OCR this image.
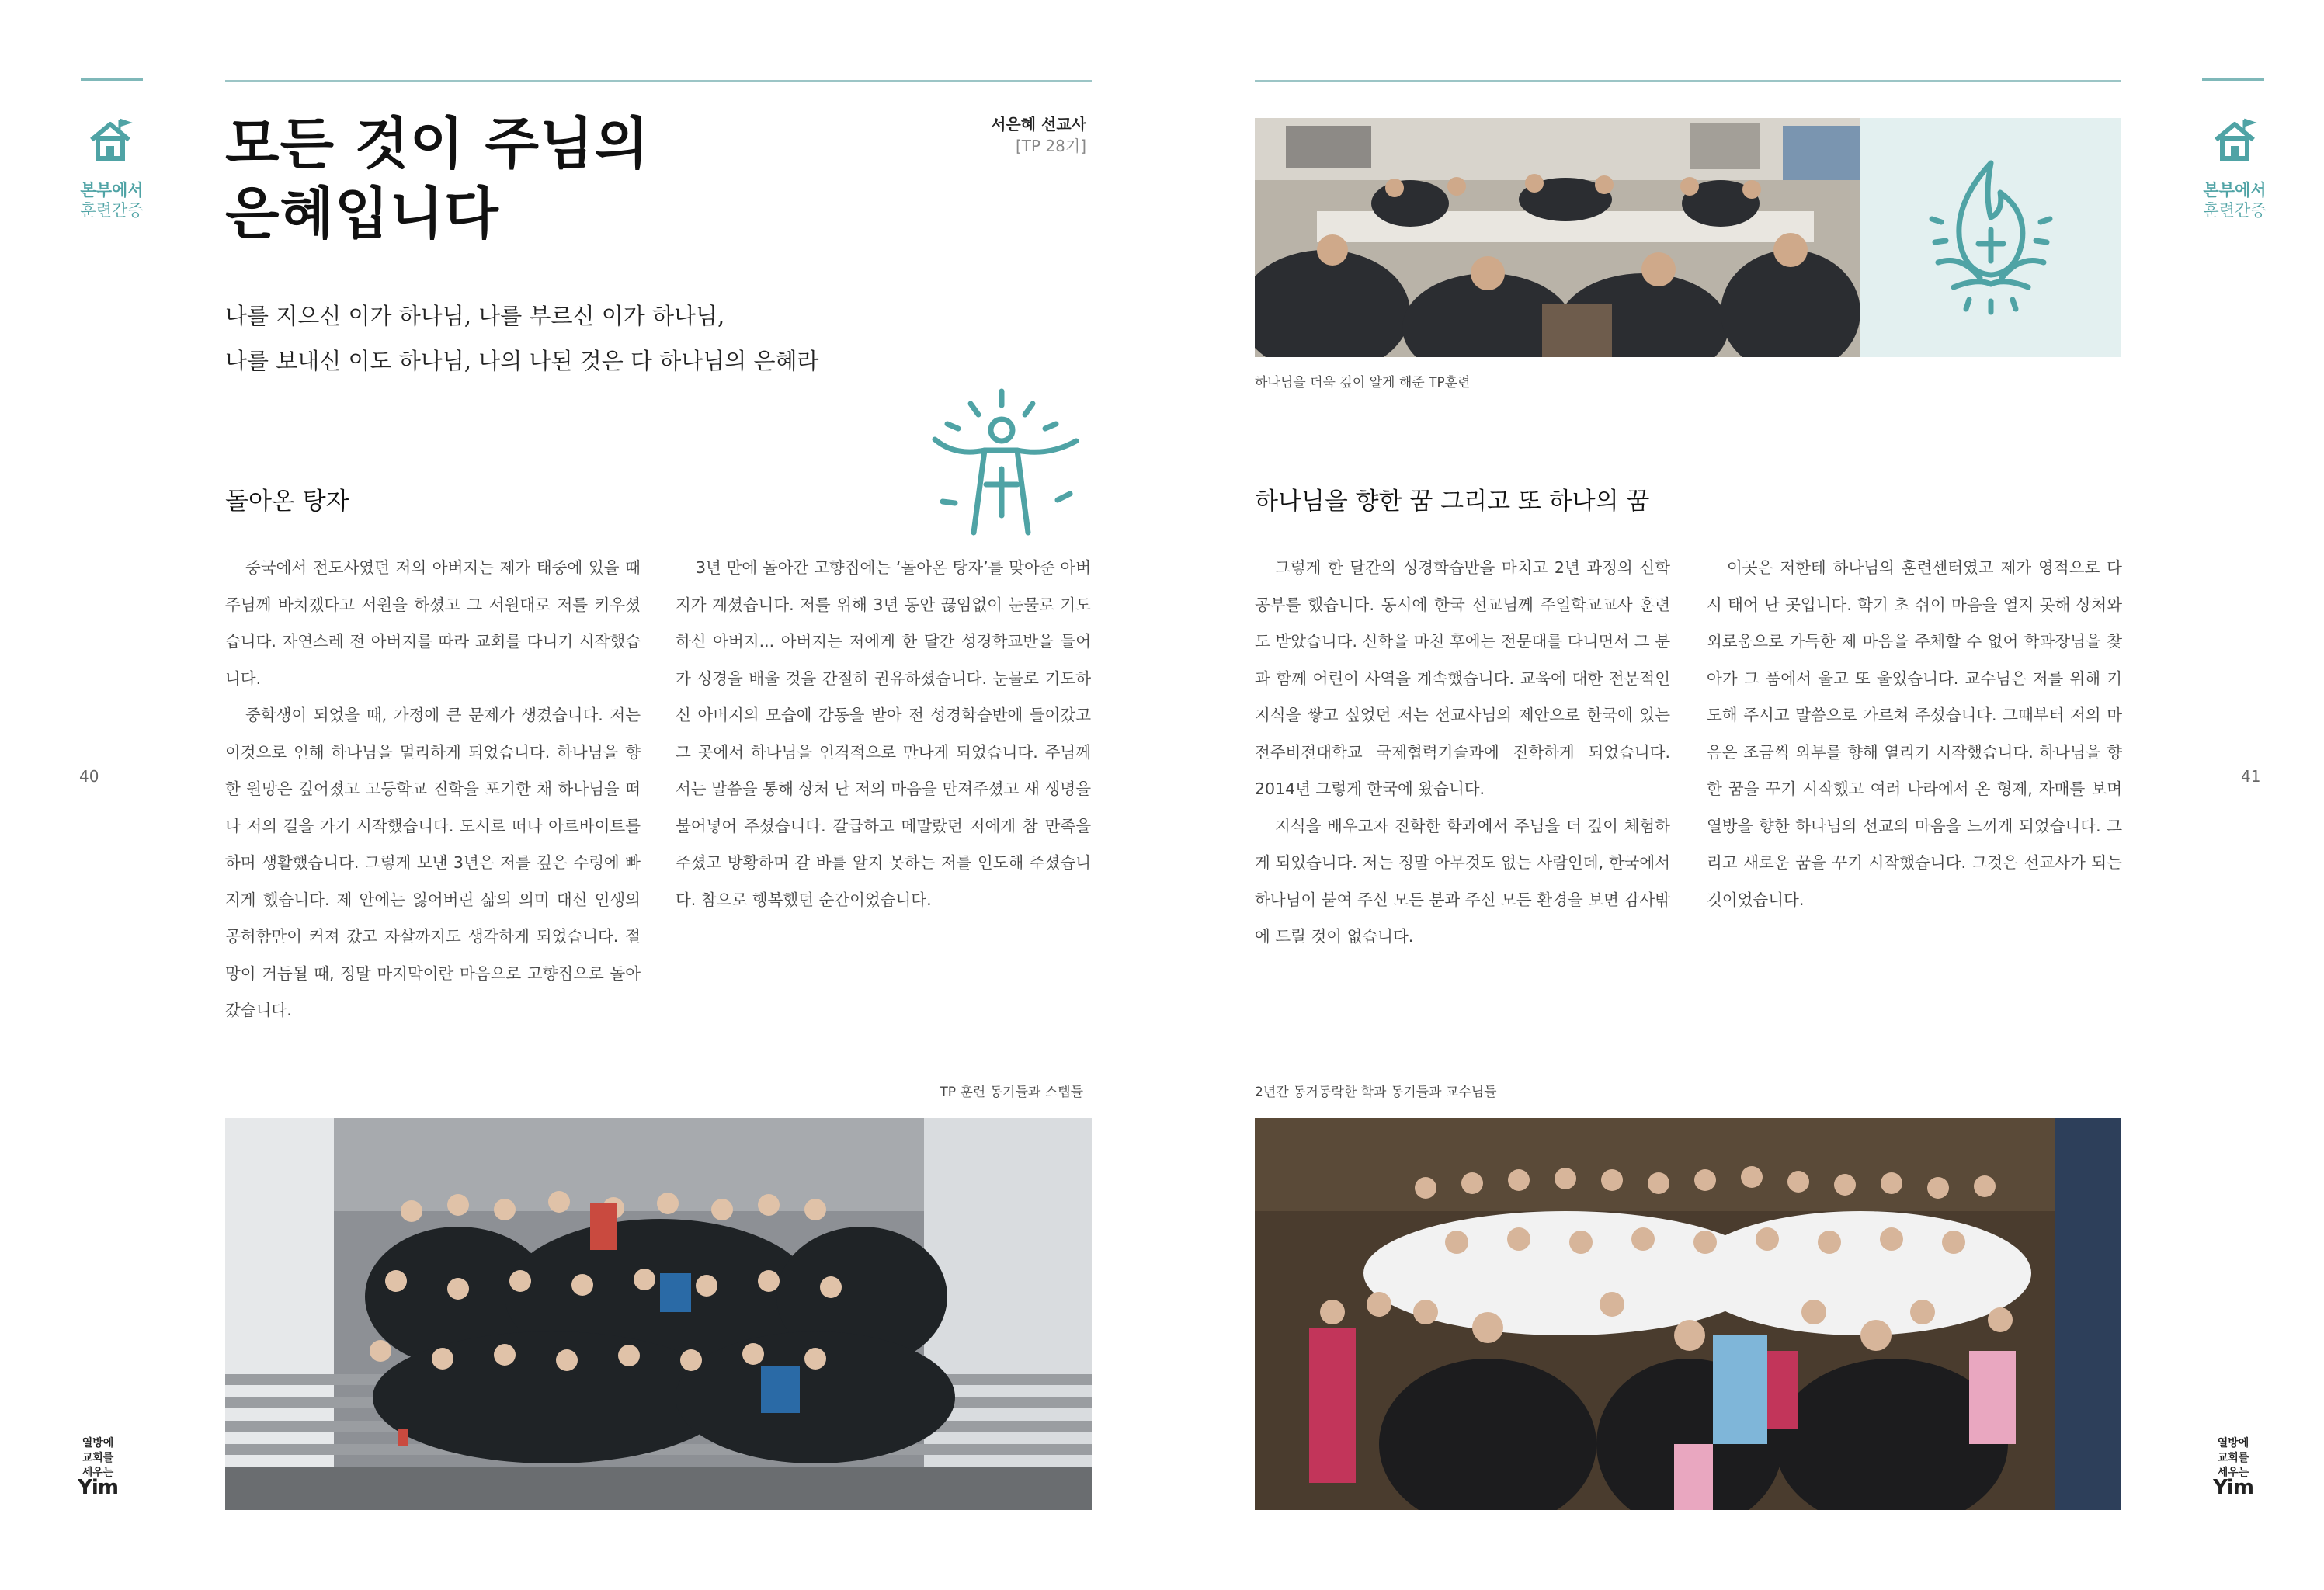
본부에서
훈련간증
모든 것이 주님의
은혜입니다
서은혜 선교사
[TP 28기]
나를 지으신 이가 하나님, 나를 부르신 이가 하나님,
나를 보내신 이도 하나님, 나의 나된 것은 다 하나님의 은혜라
돌아온 탕자

중국에서 전도사였던 저의 아버지는 제가 태중에 있을 때 주님께 바치겠다고 서원을 하셨고 그 서원대로 저를 키우셨습니다. 자연스레 전 아버지를 따라 교회를 다니기 시작했습니다.

중학생이 되었을 때, 가정에 큰 문제가 생겼습니다. 저는 이것으로 인해 하나님을 멀리하게 되었습니다. 하나님을 향한 원망은 깊어졌고 고등학교 진학을 포기한 채 하나님을 떠나 저의 길을 가기 시작했습니다. 도시로 떠나 아르바이트를 하며 생활했습니다. 그렇게 보낸 3년은 저를 깊은 수렁에 빠지게 했습니다. 제 안에는 잃어버린 삶의 의미 대신 인생의 공허함만이 커져 갔고 자살까지도 생각하게 되었습니다. 절망이 거듭될 때, 정말 마지막이란 마음으로 고향집으로 돌아갔습니다.

3년 만에 돌아간 고향집에는 ‘돌아온 탕자’를 맞아준 아버지가 계셨습니다. 저를 위해 3년 동안 끊임없이 눈물로 기도하신 아버지... 아버지는 저에게 한 달간 성경학교반을 들어가 성경을 배울 것을 간절히 권유하셨습니다. 눈물로 기도하신 아버지의 모습에 감동을 받아 전 성경학습반에 들어갔고 그 곳에서 하나님을 인격적으로 만나게 되었습니다. 주님께서는 말씀을 통해 상처 난 저의 마음을 만져주셨고 새 생명을 불어넣어 주셨습니다. 갈급하고 메말랐던 저에게 참 만족을 주셨고 방황하며 갈 바를 알지 못하는 저를 인도해 주셨습니다. 참으로 행복했던 순간이었습니다.

40
TP 훈련 동기들과 스텝들
열방에
교회를
세우는
Yim
본부에서
훈련간증
하나님을 더욱 깊이 알게 해준 TP훈련
하나님을 향한 꿈 그리고 또 하나의 꿈

그렇게 한 달간의 성경학습반을 마치고 2년 과정의 신학공부를 했습니다. 동시에 한국 선교님께 주일학교교사 훈련도 받았습니다. 신학을 마친 후에는 전문대를 다니면서 그 분과 함께 어린이 사역을 계속했습니다. 교육에 대한 전문적인 지식을 쌓고 싶었던 저는 선교사님의 제안으로 한국에 있는 전주비전대학교 국제협력기술과에 진학하게 되었습니다. 2014년 그렇게 한국에 왔습니다.

지식을 배우고자 진학한 학과에서 주님을 더 깊이 체험하게 되었습니다. 저는 정말 아무것도 없는 사람인데, 한국에서 하나님이 붙여 주신 모든 분과 주신 모든 환경을 보면 감사밖에 드릴 것이 없습니다.

이곳은 저한테 하나님의 훈련센터였고 제가 영적으로 다시 태어 난 곳입니다. 학기 초 쉬이 마음을 열지 못해 상처와 외로움으로 가득한 제 마음을 주체할 수 없어 학과장님을 찾아가 그 품에서 울고 또 울었습니다. 교수님은 저를 위해 기도해 주시고 말씀으로 가르쳐 주셨습니다. 그때부터 저의 마음은 조금씩 외부를 향해 열리기 시작했습니다. 하나님을 향한 꿈을 꾸기 시작했고 여러 나라에서 온 형제, 자매를 보며 열방을 향한 하나님의 선교의 마음을 느끼게 되었습니다. 그리고 새로운 꿈을 꾸기 시작했습니다. 그것은 선교사가 되는 것이었습니다.

41
2년간 동거동락한 학과 동기들과 교수님들
열방에
교회를
세우는
Yim
